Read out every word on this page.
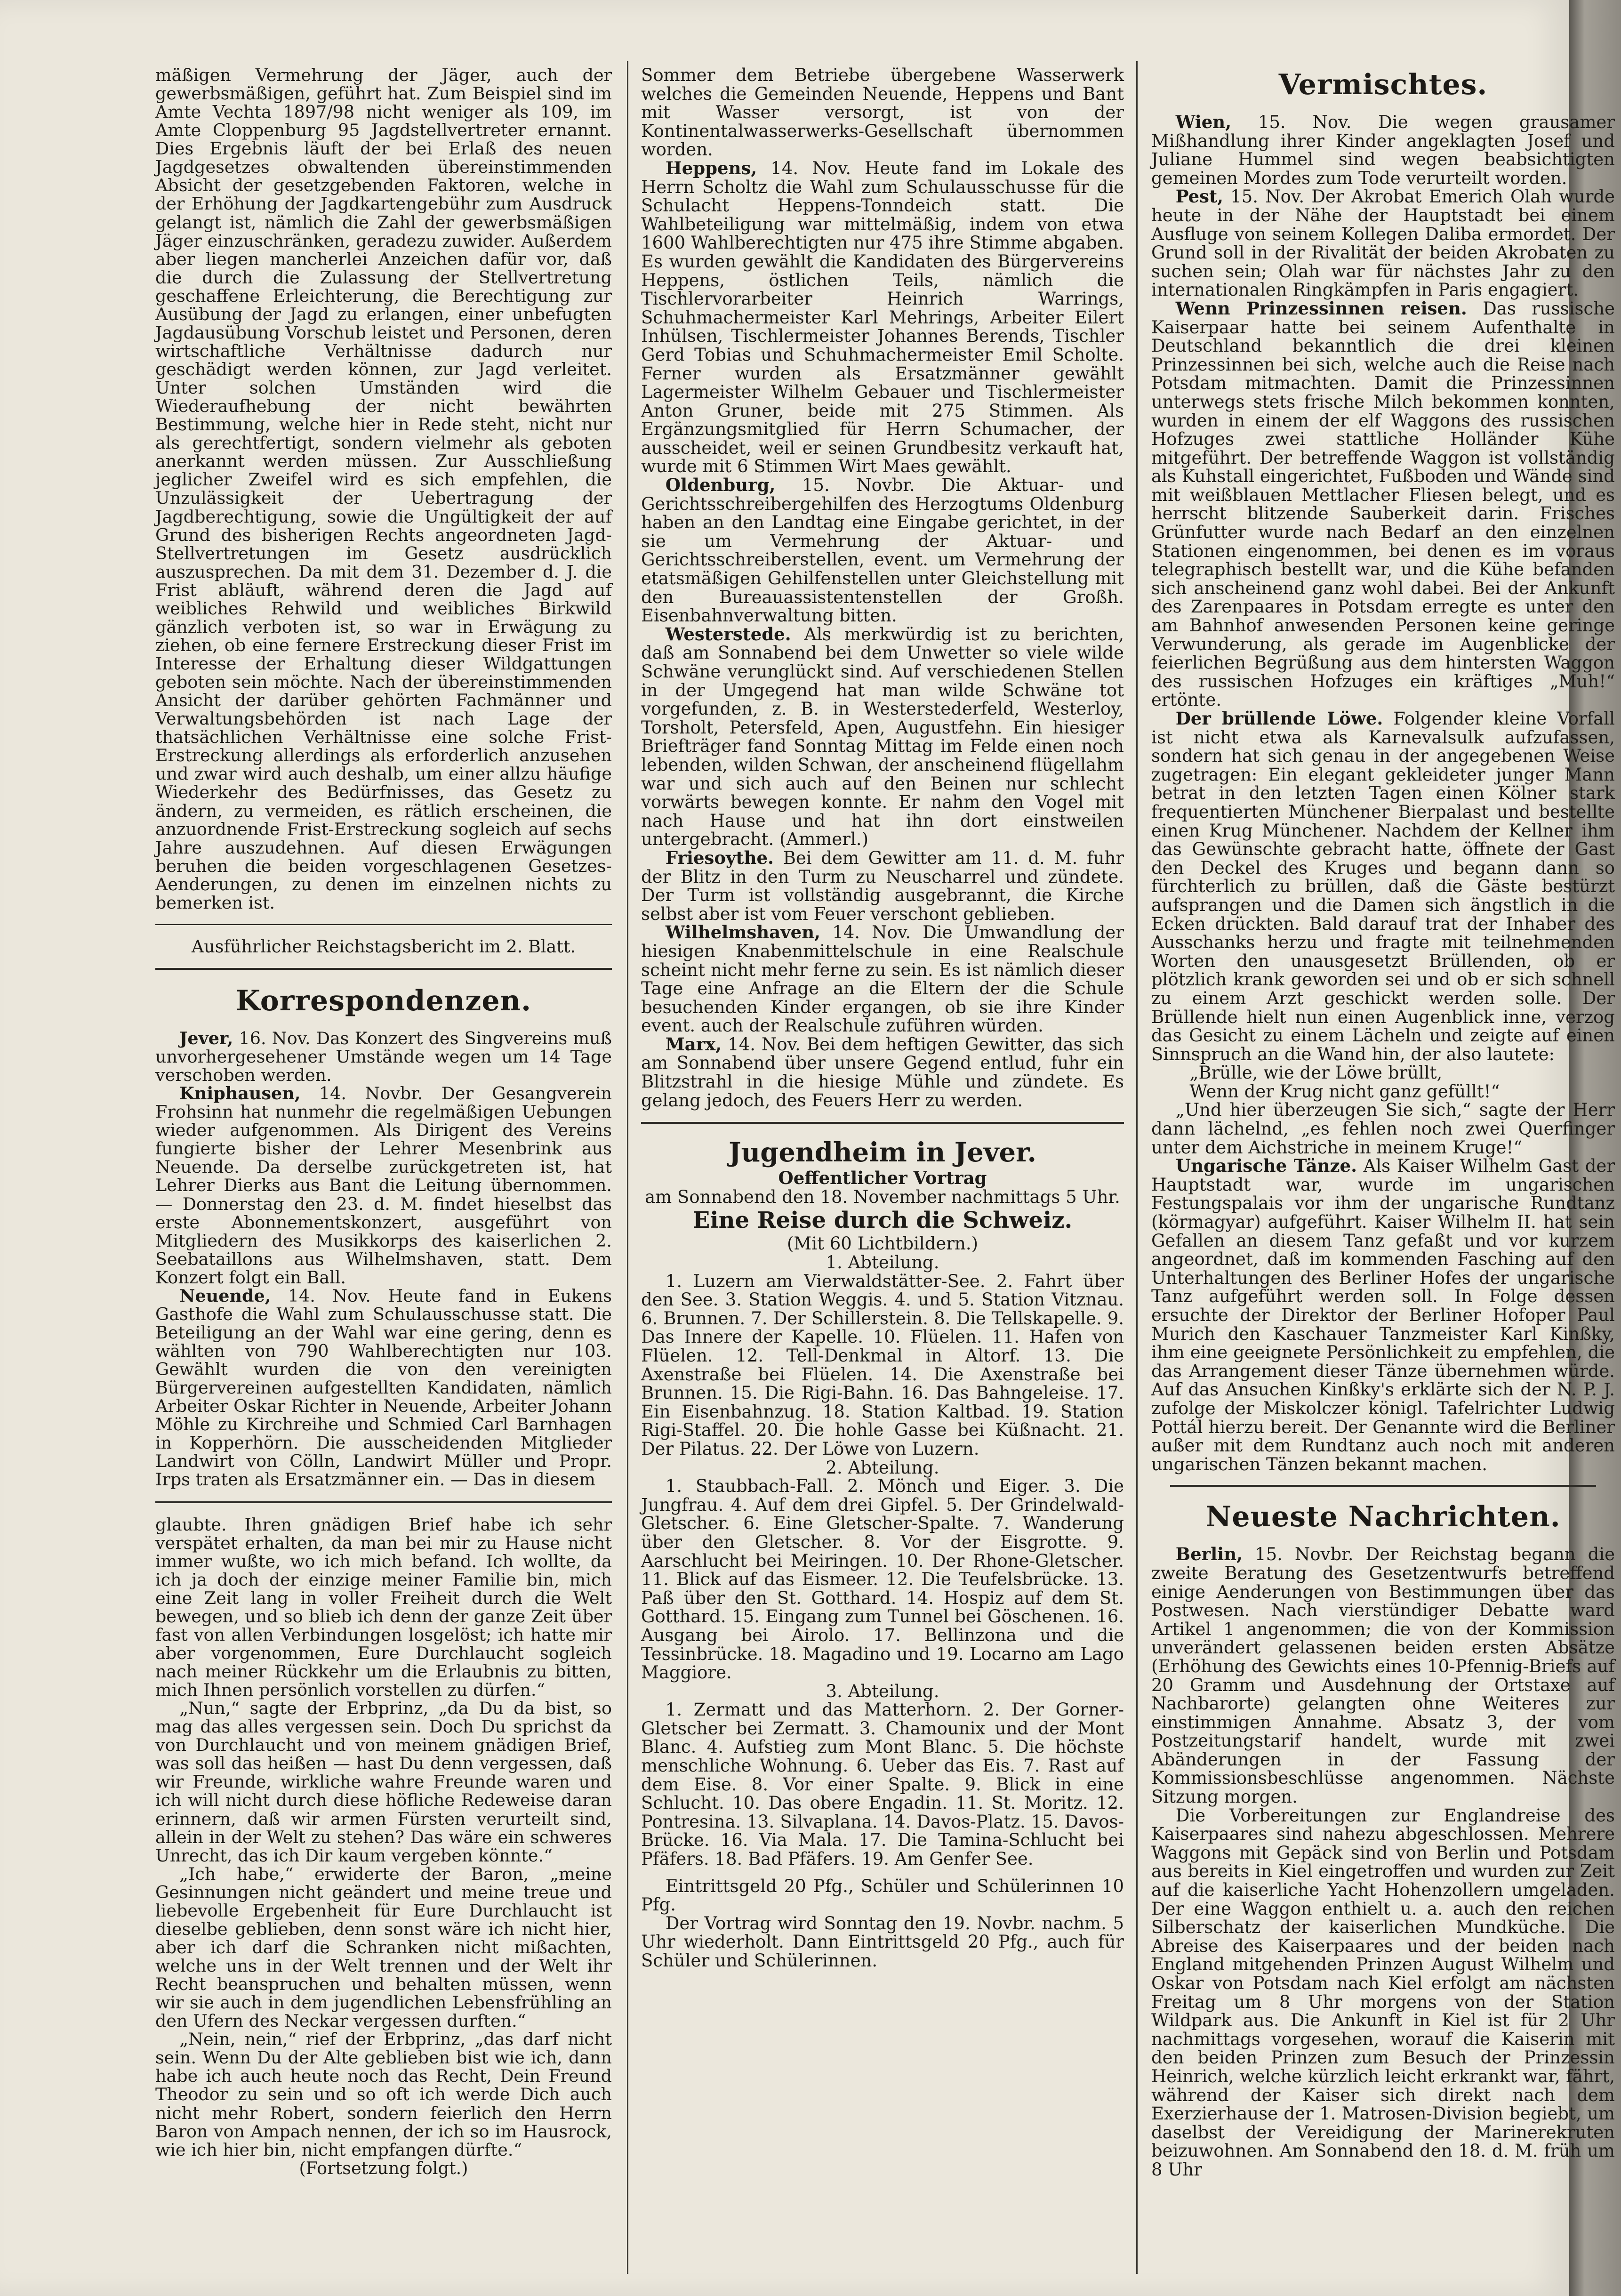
mäßigen Vermehrung der Jäger, auch der gewerbsmäßigen, geführt hat. Zum Beispiel sind im Amte Vechta 1897/98 nicht weniger als 109, im Amte Cloppenburg 95 Jagdstellvertreter ernannt. Dies Ergebnis läuft der bei Erlaß des neuen Jagdgesetzes obwaltenden übereinstimmenden Absicht der gesetzgebenden Faktoren, welche in der Erhöhung der Jagdkartengebühr zum Ausdruck gelangt ist, nämlich die Zahl der gewerbsmäßigen Jäger einzuschränken, geradezu zuwider. Außerdem aber liegen mancherlei Anzeichen dafür vor, daß die durch die Zulassung der Stellvertretung geschaffene Erleichterung, die Berechtigung zur Ausübung der Jagd zu erlangen, einer unbefugten Jagdausübung Vorschub leistet und Personen, deren wirtschaftliche Verhältnisse dadurch nur geschädigt werden können, zur Jagd verleitet. Unter solchen Umständen wird die Wiederaufhebung der nicht bewährten Bestimmung, welche hier in Rede steht, nicht nur als gerechtfertigt, sondern vielmehr als geboten anerkannt werden müssen. Zur Ausschließung jeglicher Zweifel wird es sich empfehlen, die Unzulässigkeit der Uebertragung der Jagdberechtigung, sowie die Ungültigkeit der auf Grund des bisherigen Rechts angeordneten Jagd-Stellvertretungen im Gesetz ausdrücklich auszusprechen. Da mit dem 31. Dezember d. J. die Frist abläuft, während deren die Jagd auf weibliches Rehwild und weibliches Birkwild gänzlich verboten ist, so war in Erwägung zu ziehen, ob eine fernere Erstreckung dieser Frist im Interesse der Erhaltung dieser Wildgattungen geboten sein möchte. Nach der übereinstimmenden Ansicht der darüber gehörten Fachmänner und Verwaltungsbehörden ist nach Lage der thatsächlichen Verhältnisse eine solche Frist-Erstreckung allerdings als erforderlich anzusehen und zwar wird auch deshalb, um einer allzu häufige Wiederkehr des Bedürfnisses, das Gesetz zu ändern, zu vermeiden, es rätlich erscheinen, die anzuordnende Frist-Erstreckung sogleich auf sechs Jahre auszudehnen. Auf diesen Erwägungen beruhen die beiden vorgeschlagenen Gesetzes-Aenderungen, zu denen im einzelnen nichts zu bemerken ist.

Ausführlicher Reichstagsbericht im 2. Blatt.

Korrespondenzen.

Jever, 16. Nov. Das Konzert des Singvereins muß unvorhergesehener Umstände wegen um 14 Tage verschoben werden.

Kniphausen, 14. Novbr. Der Gesangverein Frohsinn hat nunmehr die regelmäßigen Uebungen wieder aufgenommen. Als Dirigent des Vereins fungierte bisher der Lehrer Mesenbrink aus Neuende. Da derselbe zurückgetreten ist, hat Lehrer Dierks aus Bant die Leitung übernommen. — Donnerstag den 23. d. M. findet hieselbst das erste Abonnementskonzert, ausgeführt von Mitgliedern des Musikkorps des kaiserlichen 2. Seebataillons aus Wilhelmshaven, statt. Dem Konzert folgt ein Ball.

Neuende, 14. Nov. Heute fand in Eukens Gasthofe die Wahl zum Schulausschusse statt. Die Beteiligung an der Wahl war eine gering, denn es wählten von 790 Wahlberechtigten nur 103. Gewählt wurden die von den vereinigten Bürgervereinen aufgestellten Kandidaten, nämlich Arbeiter Oskar Richter in Neuende, Arbeiter Johann Möhle zu Kirchreihe und Schmied Carl Barnhagen in Kopperhörn. Die ausscheidenden Mitglieder Landwirt von Cölln, Landwirt Müller und Propr. Irps traten als Ersatzmänner ein. — Das in diesem

glaubte. Ihren gnädigen Brief habe ich sehr verspätet erhalten, da man bei mir zu Hause nicht immer wußte, wo ich mich befand. Ich wollte, da ich ja doch der einzige meiner Familie bin, mich eine Zeit lang in voller Freiheit durch die Welt bewegen, und so blieb ich denn der ganze Zeit über fast von allen Verbindungen losgelöst; ich hatte mir aber vorgenommen, Eure Durchlaucht sogleich nach meiner Rückkehr um die Erlaubnis zu bitten, mich Ihnen persönlich vorstellen zu dürfen.“

„Nun,“ sagte der Erbprinz, „da Du da bist, so mag das alles vergessen sein. Doch Du sprichst da von Durchlaucht und von meinem gnädigen Brief, was soll das heißen — hast Du denn vergessen, daß wir Freunde, wirkliche wahre Freunde waren und ich will nicht durch diese höfliche Redeweise daran erinnern, daß wir armen Fürsten verurteilt sind, allein in der Welt zu stehen? Das wäre ein schweres Unrecht, das ich Dir kaum vergeben könnte.“

„Ich habe,“ erwiderte der Baron, „meine Gesinnungen nicht geändert und meine treue und liebevolle Ergebenheit für Eure Durchlaucht ist dieselbe geblieben, denn sonst wäre ich nicht hier, aber ich darf die Schranken nicht mißachten, welche uns in der Welt trennen und der Welt ihr Recht beanspruchen und behalten müssen, wenn wir sie auch in dem jugendlichen Lebensfrühling an den Ufern des Neckar vergessen durften.“

„Nein, nein,“ rief der Erbprinz, „das darf nicht sein. Wenn Du der Alte geblieben bist wie ich, dann habe ich auch heute noch das Recht, Dein Freund Theodor zu sein und so oft ich werde Dich auch nicht mehr Robert, sondern feierlich den Herrn Baron von Ampach nennen, der ich so im Hausrock, wie ich hier bin, nicht empfangen dürfte.“

(Fortsetzung folgt.)

Sommer dem Betriebe übergebene Wasserwerk welches die Gemeinden Neuende, Heppens und Bant mit Wasser versorgt, ist von der Kontinentalwasserwerks-Gesellschaft übernommen worden.

Heppens, 14. Nov. Heute fand im Lokale des Herrn Scholtz die Wahl zum Schulausschusse für die Schulacht Heppens-Tonndeich statt. Die Wahlbeteiligung war mittelmäßig, indem von etwa 1600 Wahlberechtigten nur 475 ihre Stimme abgaben. Es wurden gewählt die Kandidaten des Bürgervereins Heppens, östlichen Teils, nämlich die Tischlervorarbeiter Heinrich Warrings, Schuhmachermeister Karl Mehrings, Arbeiter Eilert Inhülsen, Tischlermeister Johannes Berends, Tischler Gerd Tobias und Schuhmachermeister Emil Scholte. Ferner wurden als Ersatzmänner gewählt Lagermeister Wilhelm Gebauer und Tischlermeister Anton Gruner, beide mit 275 Stimmen. Als Ergänzungsmitglied für Herrn Schumacher, der ausscheidet, weil er seinen Grundbesitz verkauft hat, wurde mit 6 Stimmen Wirt Maes gewählt.

Oldenburg, 15. Novbr. Die Aktuar- und Gerichtsschreibergehilfen des Herzogtums Oldenburg haben an den Landtag eine Eingabe gerichtet, in der sie um Vermehrung der Aktuar- und Gerichtsschreiberstellen, event. um Vermehrung der etatsmäßigen Gehilfenstellen unter Gleichstellung mit den Bureauassistentenstellen der Großh. Eisenbahnverwaltung bitten.

Westerstede. Als merkwürdig ist zu berichten, daß am Sonnabend bei dem Unwetter so viele wilde Schwäne verunglückt sind. Auf verschiedenen Stellen in der Umgegend hat man wilde Schwäne tot vorgefunden, z. B. in Westerstederfeld, Westerloy, Torsholt, Petersfeld, Apen, Augustfehn. Ein hiesiger Briefträger fand Sonntag Mittag im Felde einen noch lebenden, wilden Schwan, der anscheinend flügellahm war und sich auch auf den Beinen nur schlecht vorwärts bewegen konnte. Er nahm den Vogel mit nach Hause und hat ihn dort einstweilen untergebracht. (Ammerl.)

Friesoythe. Bei dem Gewitter am 11. d. M. fuhr der Blitz in den Turm zu Neuscharrel und zündete. Der Turm ist vollständig ausgebrannt, die Kirche selbst aber ist vom Feuer verschont geblieben.

Wilhelmshaven, 14. Nov. Die Umwandlung der hiesigen Knabenmittelschule in eine Realschule scheint nicht mehr ferne zu sein. Es ist nämlich dieser Tage eine Anfrage an die Eltern der die Schule besuchenden Kinder ergangen, ob sie ihre Kinder event. auch der Realschule zuführen würden.

Marx, 14. Nov. Bei dem heftigen Gewitter, das sich am Sonnabend über unsere Gegend entlud, fuhr ein Blitzstrahl in die hiesige Mühle und zündete. Es gelang jedoch, des Feuers Herr zu werden.

Jugendheim in Jever.

Oeffentlicher Vortrag

am Sonnabend den 18. November nachmittags 5 Uhr.

Eine Reise durch die Schweiz.

(Mit 60 Lichtbildern.)

1. Abteilung.

1. Luzern am Vierwaldstätter-See. 2. Fahrt über den See. 3. Station Weggis. 4. und 5. Station Vitznau. 6. Brunnen. 7. Der Schillerstein. 8. Die Tellskapelle. 9. Das Innere der Kapelle. 10. Flüelen. 11. Hafen von Flüelen. 12. Tell-Denkmal in Altorf. 13. Die Axenstraße bei Flüelen. 14. Die Axenstraße bei Brunnen. 15. Die Rigi-Bahn. 16. Das Bahngeleise. 17. Ein Eisenbahnzug. 18. Station Kaltbad. 19. Station Rigi-Staffel. 20. Die hohle Gasse bei Küßnacht. 21. Der Pilatus. 22. Der Löwe von Luzern.

2. Abteilung.

1. Staubbach-Fall. 2. Mönch und Eiger. 3. Die Jungfrau. 4. Auf dem drei Gipfel. 5. Der Grindelwald-Gletscher. 6. Eine Gletscher-Spalte. 7. Wanderung über den Gletscher. 8. Vor der Eisgrotte. 9. Aarschlucht bei Meiringen. 10. Der Rhone-Gletscher. 11. Blick auf das Eismeer. 12. Die Teufelsbrücke. 13. Paß über den St. Gotthard. 14. Hospiz auf dem St. Gotthard. 15. Eingang zum Tunnel bei Göschenen. 16. Ausgang bei Airolo. 17. Bellinzona und die Tessinbrücke. 18. Magadino und 19. Locarno am Lago Maggiore.

3. Abteilung.

1. Zermatt und das Matterhorn. 2. Der Gorner-Gletscher bei Zermatt. 3. Chamounix und der Mont Blanc. 4. Aufstieg zum Mont Blanc. 5. Die höchste menschliche Wohnung. 6. Ueber das Eis. 7. Rast auf dem Eise. 8. Vor einer Spalte. 9. Blick in eine Schlucht. 10. Das obere Engadin. 11. St. Moritz. 12. Pontresina. 13. Silvaplana. 14. Davos-Platz. 15. Davos-Brücke. 16. Via Mala. 17. Die Tamina-Schlucht bei Pfäfers. 18. Bad Pfäfers. 19. Am Genfer See.

Eintrittsgeld 20 Pfg., Schüler und Schülerinnen 10 Pfg.

Der Vortrag wird Sonntag den 19. Novbr. nachm. 5 Uhr wiederholt. Dann Eintrittsgeld 20 Pfg., auch für Schüler und Schülerinnen.

Vermischtes.

Wien, 15. Nov. Die wegen grausamer Mißhandlung ihrer Kinder angeklagten Josef und Juliane Hummel sind wegen beabsichtigten gemeinen Mordes zum Tode verurteilt worden.

Pest, 15. Nov. Der Akrobat Emerich Olah wurde heute in der Nähe der Hauptstadt bei einem Ausfluge von seinem Kollegen Daliba ermordet. Der Grund soll in der Rivalität der beiden Akrobaten zu suchen sein; Olah war für nächstes Jahr zu den internationalen Ringkämpfen in Paris engagiert.

Wenn Prinzessinnen reisen. Das russische Kaiserpaar hatte bei seinem Aufenthalte in Deutschland bekanntlich die drei kleinen Prinzessinnen bei sich, welche auch die Reise nach Potsdam mitmachten. Damit die Prinzessinnen unterwegs stets frische Milch bekommen konnten, wurden in einem der elf Waggons des russischen Hofzuges zwei stattliche Holländer Kühe mitgeführt. Der betreffende Waggon ist vollständig als Kuhstall eingerichtet, Fußboden und Wände sind mit weißblauen Mettlacher Fliesen belegt, und es herrscht blitzende Sauberkeit darin. Frisches Grünfutter wurde nach Bedarf an den einzelnen Stationen eingenommen, bei denen es im voraus telegraphisch bestellt war, und die Kühe befanden sich anscheinend ganz wohl dabei. Bei der Ankunft des Zarenpaares in Potsdam erregte es unter den am Bahnhof anwesenden Personen keine geringe Verwunderung, als gerade im Augenblicke der feierlichen Begrüßung aus dem hintersten Waggon des russischen Hofzuges ein kräftiges „Muh!“ ertönte.

Der brüllende Löwe. Folgender kleine Vorfall ist nicht etwa als Karnevalsulk aufzufassen, sondern hat sich genau in der angegebenen Weise zugetragen: Ein elegant gekleideter junger Mann betrat in den letzten Tagen einen Kölner stark frequentierten Münchener Bierpalast und bestellte einen Krug Münchener. Nachdem der Kellner ihm das Gewünschte gebracht hatte, öffnete der Gast den Deckel des Kruges und begann dann so fürchterlich zu brüllen, daß die Gäste bestürzt aufsprangen und die Damen sich ängstlich in die Ecken drückten. Bald darauf trat der Inhaber des Ausschanks herzu und fragte mit teilnehmenden Worten den unausgesetzt Brüllenden, ob er plötzlich krank geworden sei und ob er sich schnell zu einem Arzt geschickt werden solle. Der Brüllende hielt nun einen Augenblick inne, verzog das Gesicht zu einem Lächeln und zeigte auf einen Sinnspruch an die Wand hin, der also lautete:

„Brülle, wie der Löwe brüllt,

Wenn der Krug nicht ganz gefüllt!“

„Und hier überzeugen Sie sich,“ sagte der Herr dann lächelnd, „es fehlen noch zwei Querfinger unter dem Aichstriche in meinem Kruge!“

Ungarische Tänze. Als Kaiser Wilhelm Gast der Hauptstadt war, wurde im ungarischen Festungspalais vor ihm der ungarische Rundtanz (körmagyar) aufgeführt. Kaiser Wilhelm II. hat sein Gefallen an diesem Tanz gefaßt und vor kurzem angeordnet, daß im kommenden Fasching auf den Unterhaltungen des Berliner Hofes der ungarische Tanz aufgeführt werden soll. In Folge dessen ersuchte der Direktor der Berliner Hofoper Paul Murich den Kaschauer Tanzmeister Karl Kinßky, ihm eine geeignete Persönlichkeit zu empfehlen, die das Arrangement dieser Tänze übernehmen würde. Auf das Ansuchen Kinßky's erklärte sich der N. P. J. zufolge der Miskolczer königl. Tafelrichter Ludwig Pottál hierzu bereit. Der Genannte wird die Berliner außer mit dem Rundtanz auch noch mit anderen ungarischen Tänzen bekannt machen.

Neueste Nachrichten.

Berlin, 15. Novbr. Der Reichstag begann die zweite Beratung des Gesetzentwurfs betreffend einige Aenderungen von Bestimmungen über das Postwesen. Nach vierstündiger Debatte ward Artikel 1 angenommen; die von der Kommission unverändert gelassenen beiden ersten Absätze (Erhöhung des Gewichts eines 10-Pfennig-Briefs auf 20 Gramm und Ausdehnung der Ortstaxe auf Nachbarorte) gelangten ohne Weiteres zur einstimmigen Annahme. Absatz 3, der vom Postzeitungstarif handelt, wurde mit zwei Abänderungen in der Fassung der Kommissionsbeschlüsse angenommen. Nächste Sitzung morgen.

Die Vorbereitungen zur Englandreise des Kaiserpaares sind nahezu abgeschlossen. Mehrere Waggons mit Gepäck sind von Berlin und Potsdam aus bereits in Kiel eingetroffen und wurden zur Zeit auf die kaiserliche Yacht Hohenzollern umgeladen. Der eine Waggon enthielt u. a. auch den reichen Silberschatz der kaiserlichen Mundküche. Die Abreise des Kaiserpaares und der beiden nach England mitgehenden Prinzen August Wilhelm und Oskar von Potsdam nach Kiel erfolgt am nächsten Freitag um 8 Uhr morgens von der Station Wildpark aus. Die Ankunft in Kiel ist für 2 Uhr nachmittags vorgesehen, worauf die Kaiserin mit den beiden Prinzen zum Besuch der Prinzessin Heinrich, welche kürzlich leicht erkrankt war, fährt, während der Kaiser sich direkt nach dem Exerzierhause der 1. Matrosen-Division begiebt, um daselbst der Vereidigung der Marinerekruten beizuwohnen. Am Sonnabend den 18. d. M. früh um 8 Uhr
